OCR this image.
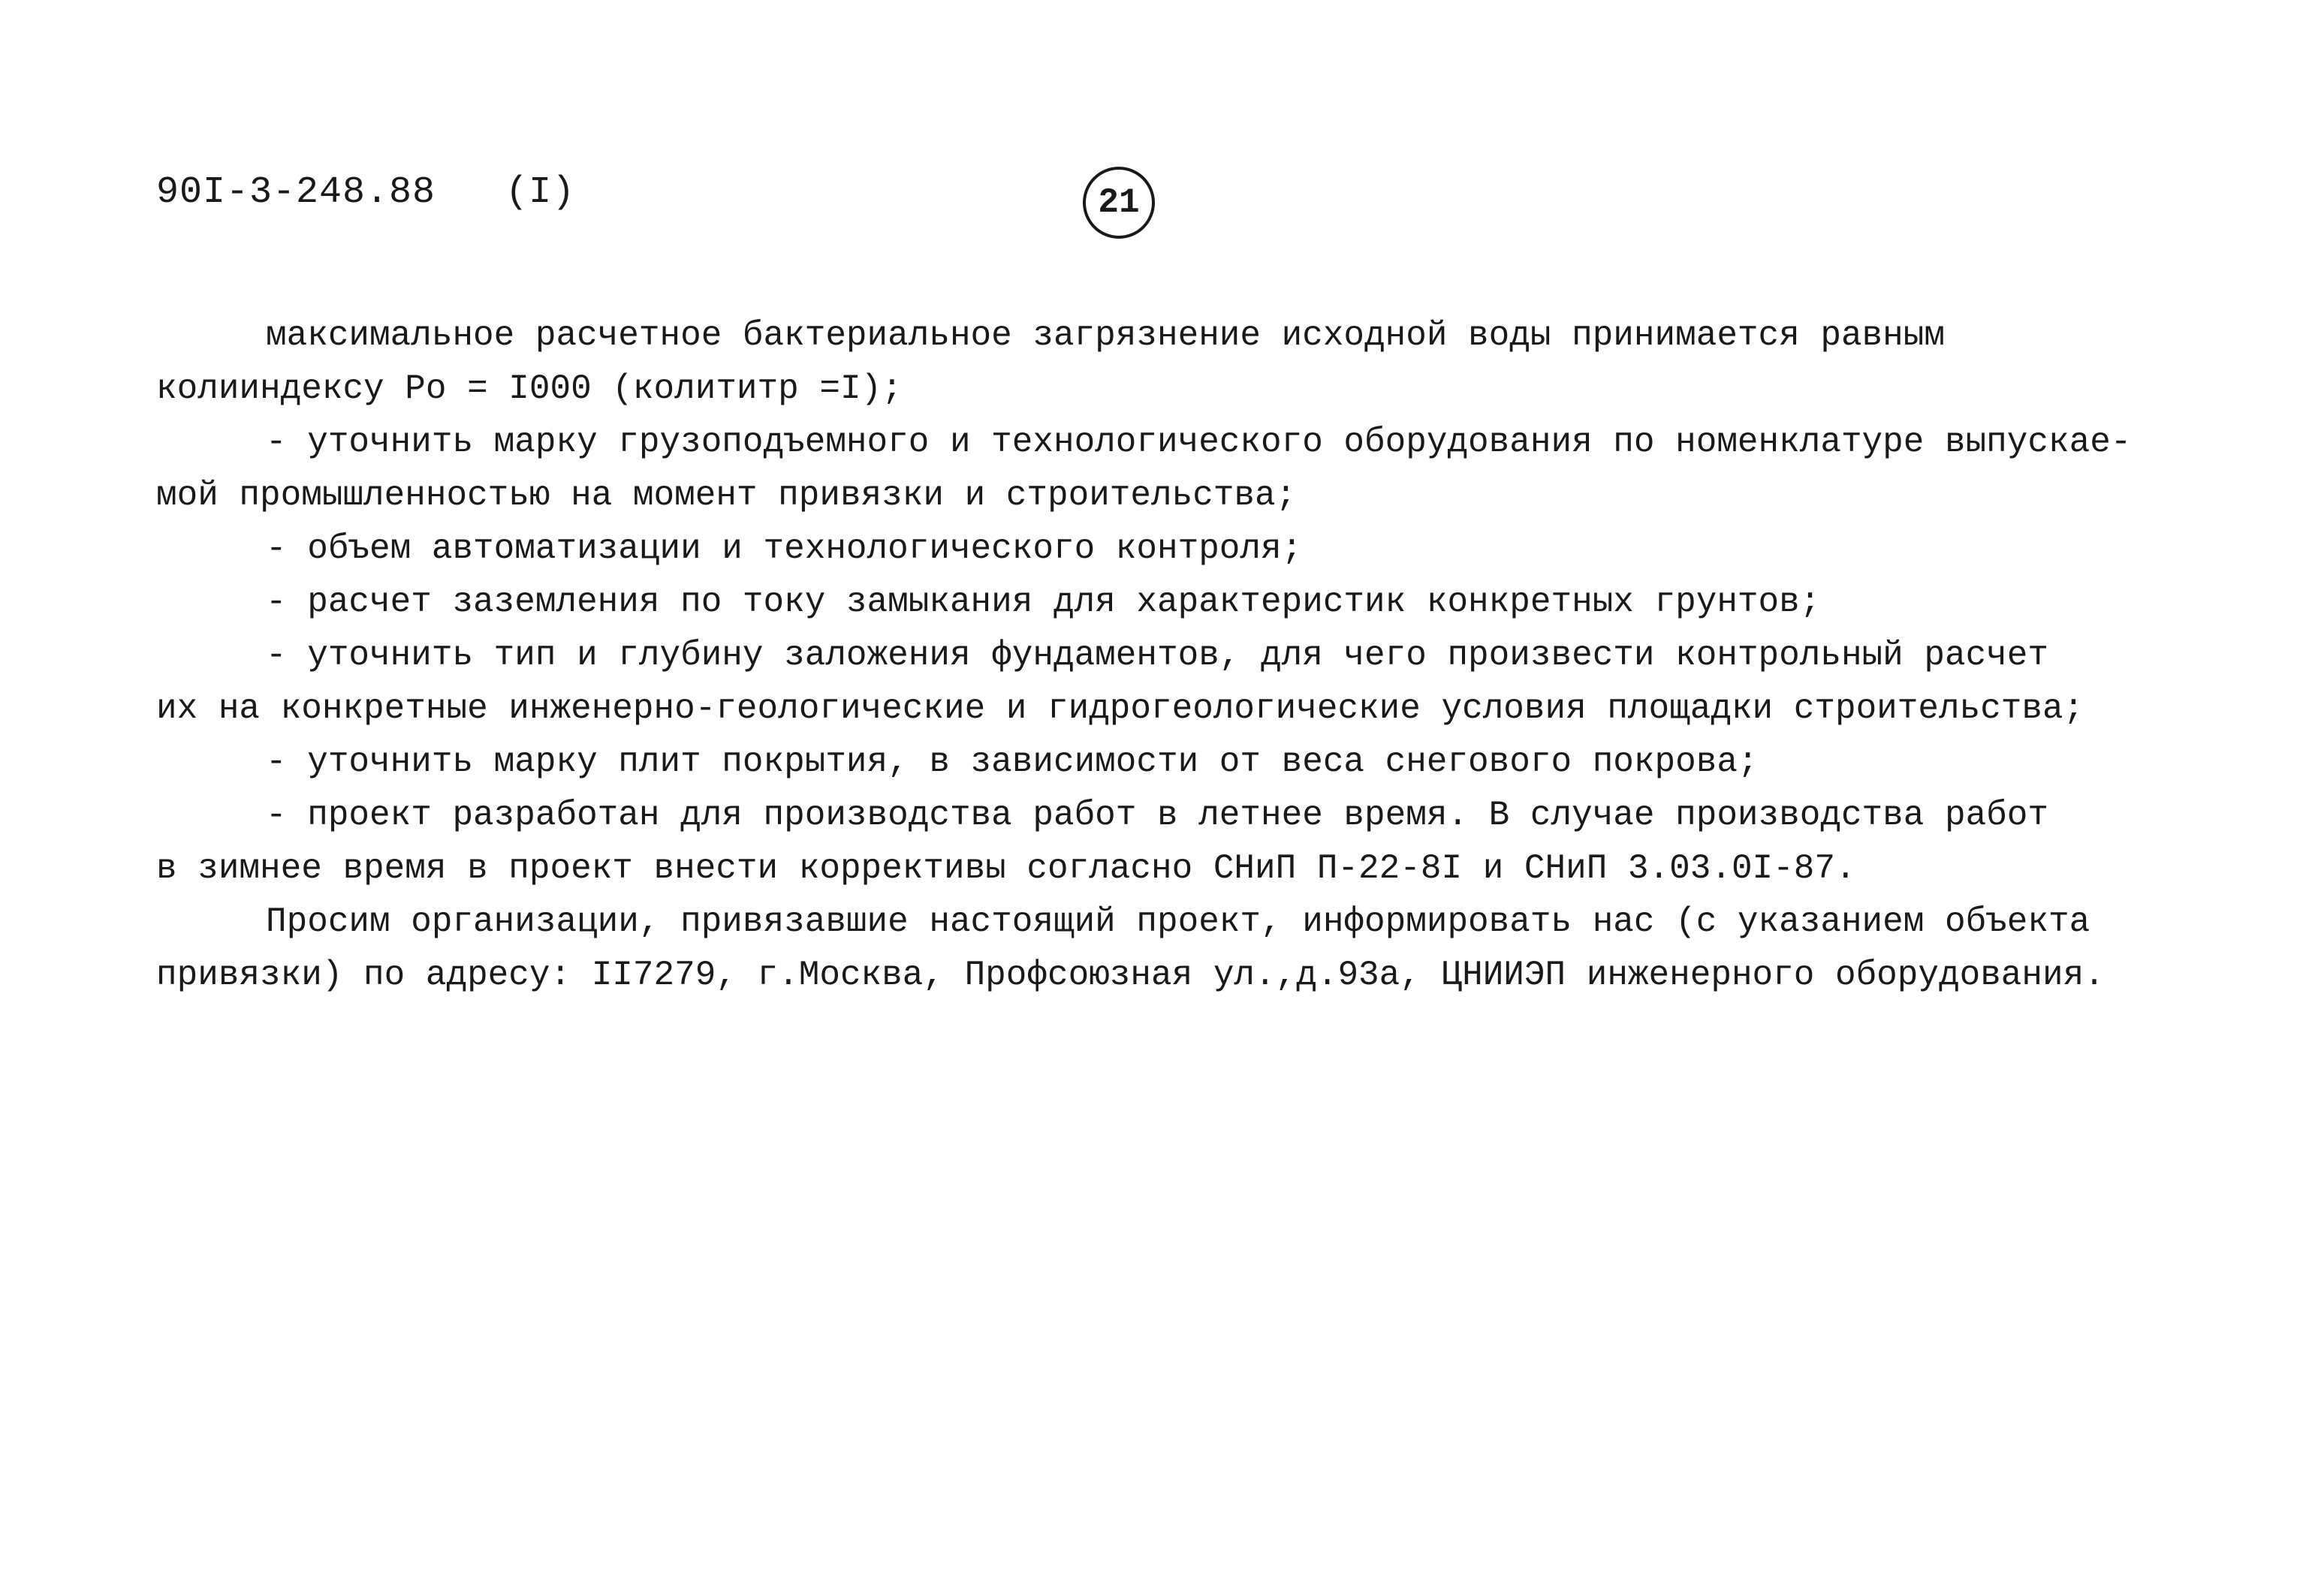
90I-3-248.88 (I)	21
максимальное расчетное бактериальное загрязнение исходной воды принимается равным
колииндексу Ро = I000 (колититр =I);
- уточнить марку грузоподъемного и технологического оборудования по номенклатуре выпускае-
мой промышленностью на момент привязки и строительства;
- объем автоматизации и технологического контроля;
- расчет заземления по току замыкания для характеристик конкретных грунтов;
- уточнить тип и глубину заложения фундаментов, для чего произвести контрольный расчет
их на конкретные инженерно-геологические и гидрогеологические условия площадки строительства;
- уточнить марку плит покрытия, в зависимости от веса снегового покрова;
- проект разработан для производства работ в летнее время. В случае производства работ
в зимнее время в проект внести коррективы согласно СНиП П-22-8I и СНиП 3.03.0I-87.
Просим организации, привязавшие настоящий проект, информировать нас (с указанием объекта
привязки) по адресу: II7279, г.Москва, Профсоюзная ул.,д.93а, ЦНИИЭП инженерного оборудования.
